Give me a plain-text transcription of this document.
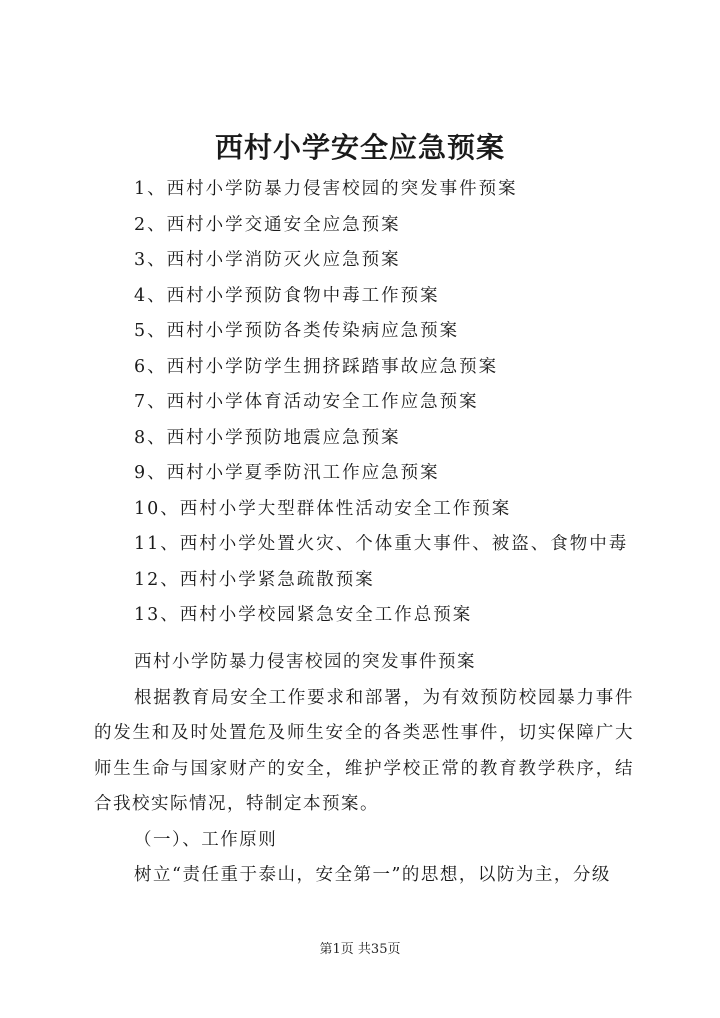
西村小学安全应急预案
1、西村小学防暴力侵害校园的突发事件预案
2、西村小学交通安全应急预案
3、西村小学消防灭火应急预案
4、西村小学预防食物中毒工作预案
5、西村小学预防各类传染病应急预案
6、西村小学防学生拥挤踩踏事故应急预案
7、西村小学体育活动安全工作应急预案
8、西村小学预防地震应急预案
9、西村小学夏季防汛工作应急预案
10、西村小学大型群体性活动安全工作预案
11、西村小学处置火灾、个体重大事件、被盗、食物中毒
12、西村小学紧急疏散预案
13、西村小学校园紧急安全工作总预案
西村小学防暴力侵害校园的突发事件预案
根据教育局安全工作要求和部署，为有效预防校园暴力事件的发生和及时处置危及师生安全的各类恶性事件，切实保障广大师生生命与国家财产的安全，维护学校正常的教育教学秩序，结合我校实际情况，特制定本预案。
（一）、工作原则
树立“责任重于泰山，安全第一”的思想，以防为主，分级
第1页 共35页
